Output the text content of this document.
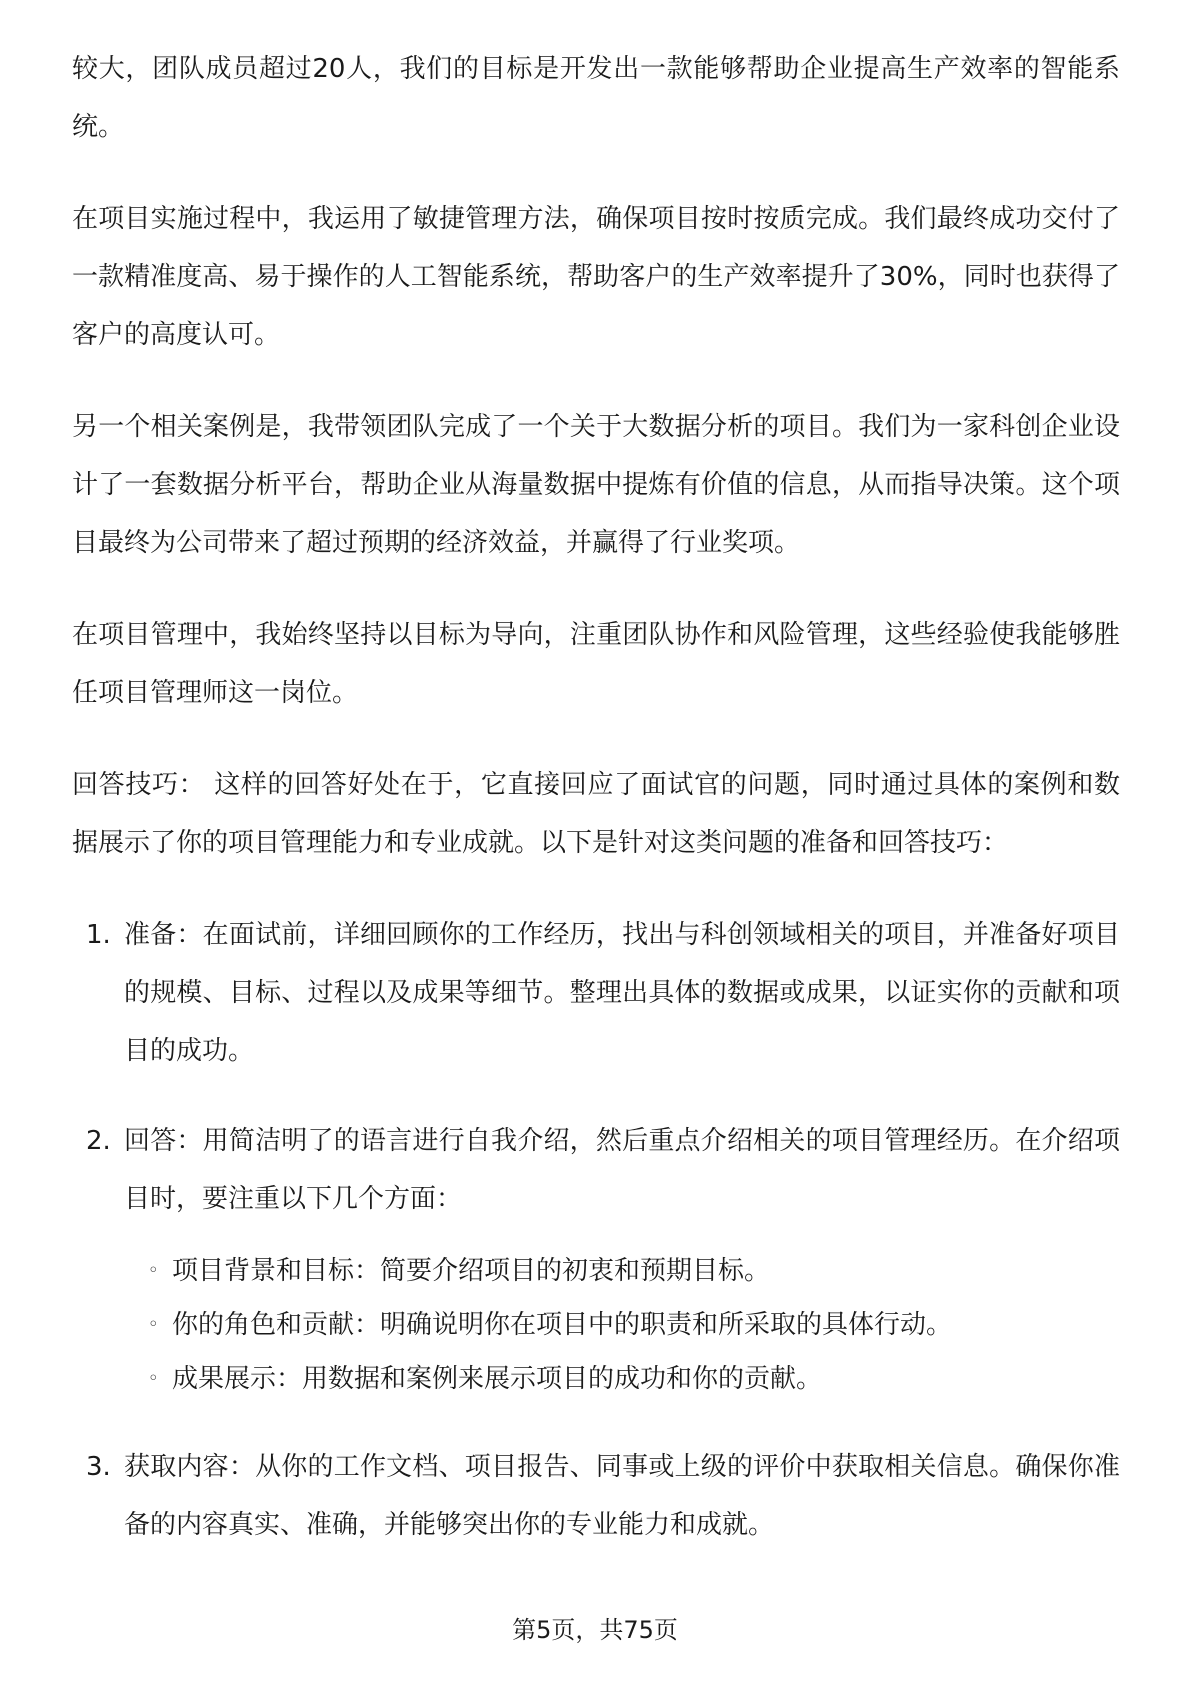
较大，团队成员超过20人，我们的目标是开发出一款能够帮助企业提高生产效率的智能系统。

在项目实施过程中，我运用了敏捷管理方法，确保项目按时按质完成。我们最终成功交付了一款精准度高、易于操作的人工智能系统，帮助客户的生产效率提升了30%，同时也获得了客户的高度认可。

另一个相关案例是，我带领团队完成了一个关于大数据分析的项目。我们为一家科创企业设计了一套数据分析平台，帮助企业从海量数据中提炼有价值的信息，从而指导决策。这个项目最终为公司带来了超过预期的经济效益，并赢得了行业奖项。

在项目管理中，我始终坚持以目标为导向，注重团队协作和风险管理，这些经验使我能够胜任项目管理师这一岗位。

回答技巧： 这样的回答好处在于，它直接回应了面试官的问题，同时通过具体的案例和数据展示了你的项目管理能力和专业成就。以下是针对这类问题的准备和回答技巧：

1. 准备：在面试前，详细回顾你的工作经历，找出与科创领域相关的项目，并准备好项目的规模、目标、过程以及成果等细节。整理出具体的数据或成果，以证实你的贡献和项目的成功。
2. 回答：用简洁明了的语言进行自我介绍，然后重点介绍相关的项目管理经历。在介绍项目时，要注重以下几个方面：
◦ 项目背景和目标：简要介绍项目的初衷和预期目标。
◦ 你的角色和贡献：明确说明你在项目中的职责和所采取的具体行动。
◦ 成果展示：用数据和案例来展示项目的成功和你的贡献。
3. 获取内容：从你的工作文档、项目报告、同事或上级的评价中获取相关信息。确保你准备的内容真实、准确，并能够突出你的专业能力和成就。
第5页，共75页
